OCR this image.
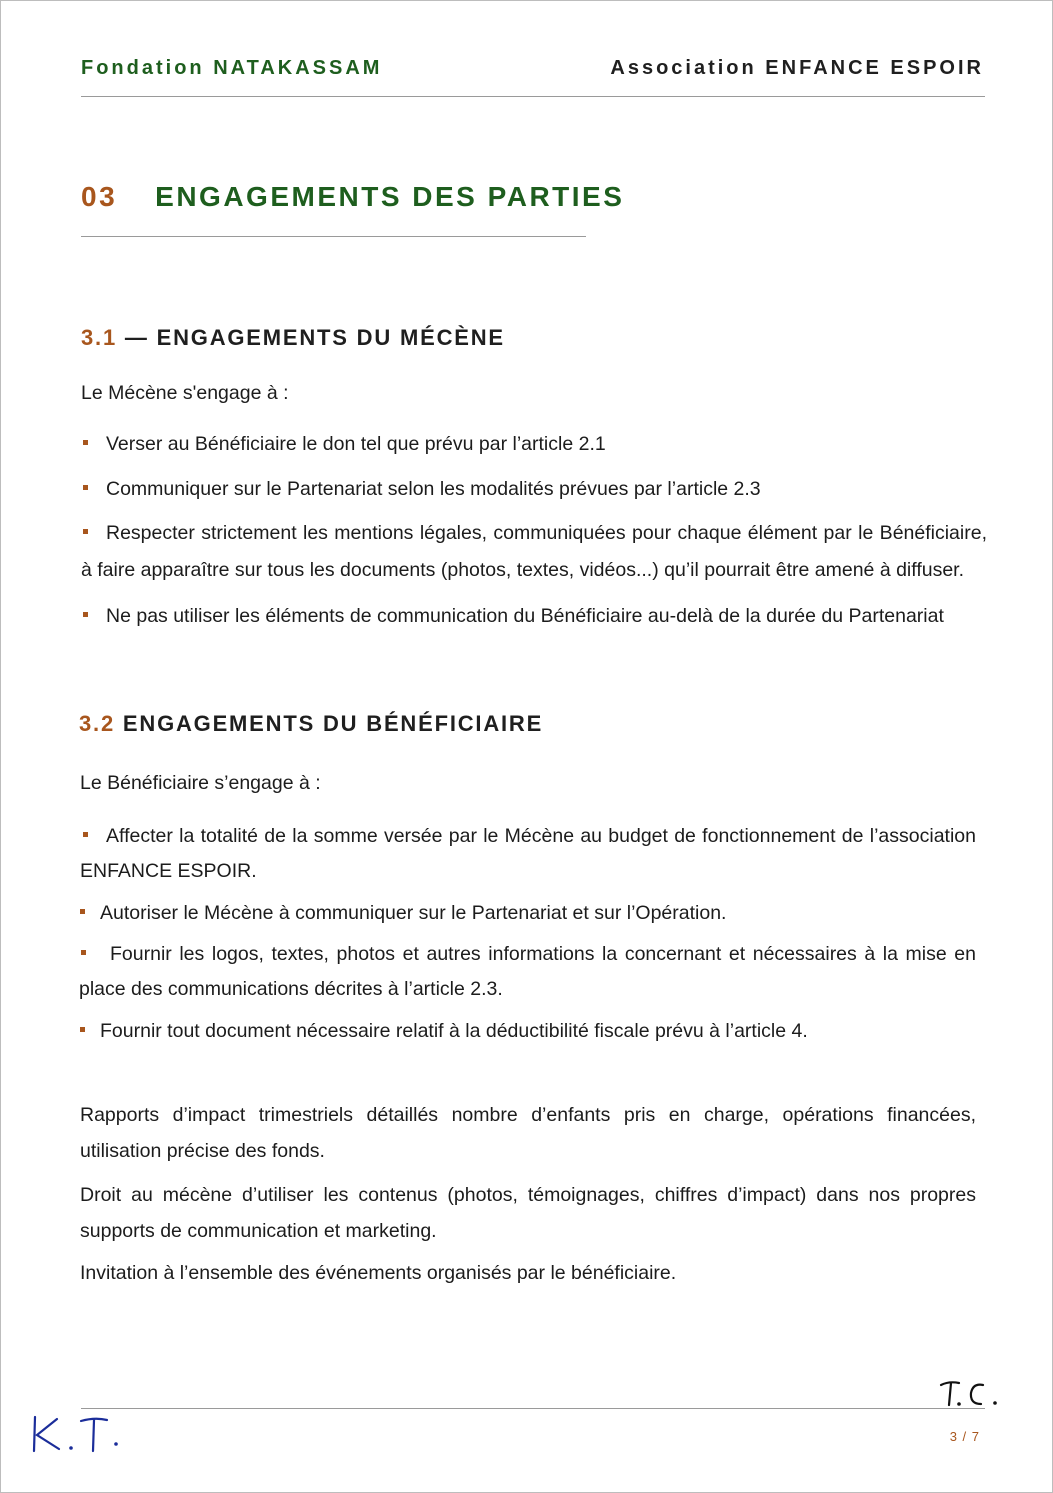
Fondation NATAKASSAM	Association ENFANCE ESPOIR
03 ENGAGEMENTS DES PARTIES
3.1 — ENGAGEMENTS DU MÉCÈNE
Le Mécène s'engage à :
Verser au Bénéficiaire le don tel que prévu par l’article 2.1
Communiquer sur le Partenariat selon les modalités prévues par l’article 2.3
Respecter strictement les mentions légales, communiquées pour chaque élément par le Bénéficiaire, à faire apparaître sur tous les documents (photos, textes, vidéos...) qu’il pourrait être amené à diffuser.
Ne pas utiliser les éléments de communication du Bénéficiaire au-delà de la durée du Partenariat
3.2 ENGAGEMENTS DU BÉNÉFICIAIRE
Le Bénéficiaire s’engage à :
Affecter la totalité de la somme versée par le Mécène au budget de fonctionnement de l’association ENFANCE ESPOIR.
Autoriser le Mécène à communiquer sur le Partenariat et sur l’Opération.
Fournir les logos, textes, photos et autres informations la concernant et nécessaires à la mise en place des communications décrites à l’article 2.3.
Fournir tout document nécessaire relatif à la déductibilité fiscale prévu à l’article 4.
Rapports d’impact trimestriels détaillés nombre d’enfants pris en charge, opérations financées, utilisation précise des fonds.
Droit au mécène d’utiliser les contenus (photos, témoignages, chiffres d’impact) dans nos propres supports de communication et marketing.
Invitation à l’ensemble des événements organisés par le bénéficiaire.
3 / 7
